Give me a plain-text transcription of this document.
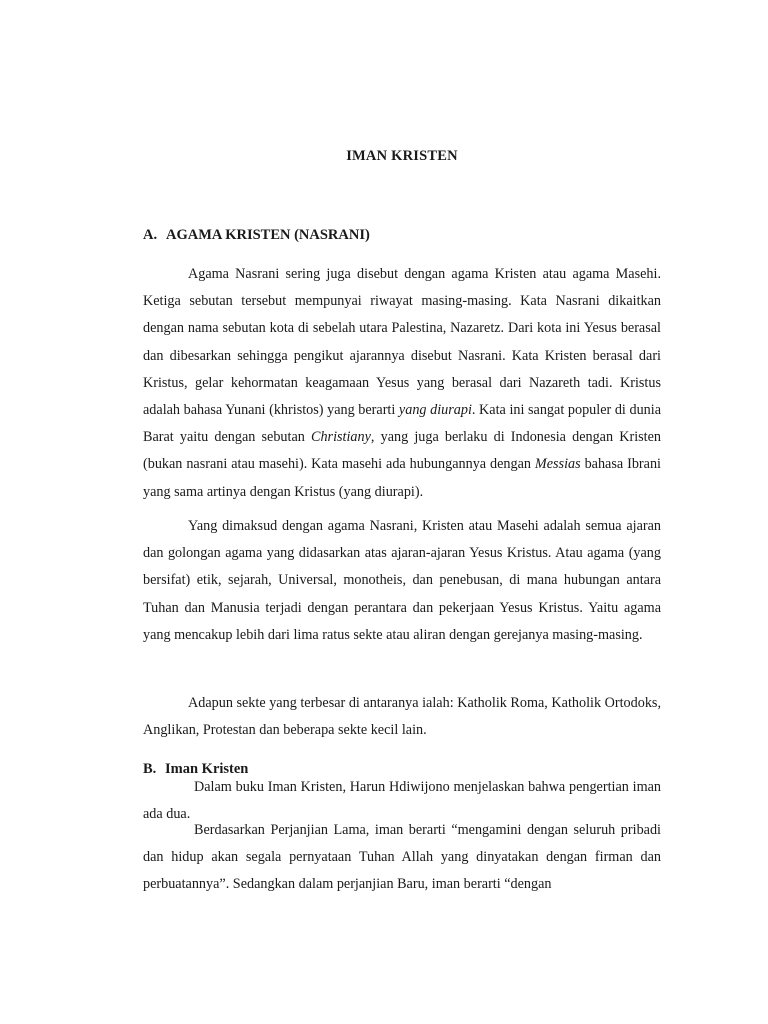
IMAN KRISTEN
A. AGAMA KRISTEN (NASRANI)

Agama Nasrani sering juga disebut dengan agama Kristen atau agama Masehi. Ketiga sebutan tersebut mempunyai riwayat masing-masing. Kata Nasrani dikaitkan dengan nama sebutan kota di sebelah utara Palestina, Nazaretz. Dari kota ini Yesus berasal dan dibesarkan sehingga pengikut ajarannya disebut Nasrani. Kata Kristen berasal dari Kristus, gelar kehormatan keagamaan Yesus yang berasal dari Nazareth tadi. Kristus adalah bahasa Yunani (khristos) yang berarti yang diurapi. Kata ini sangat populer di dunia Barat yaitu dengan sebutan Christiany, yang juga berlaku di Indonesia dengan Kristen (bukan nasrani atau masehi). Kata masehi ada hubungannya dengan Messias bahasa Ibrani yang sama artinya dengan Kristus (yang diurapi).

Yang dimaksud dengan agama Nasrani, Kristen atau Masehi adalah semua ajaran dan golongan agama yang didasarkan atas ajaran-ajaran Yesus Kristus. Atau agama (yang bersifat) etik, sejarah, Universal, monotheis, dan penebusan, di mana hubungan antara Tuhan dan Manusia terjadi dengan perantara dan pekerjaan Yesus Kristus. Yaitu agama yang mencakup lebih dari lima ratus sekte atau aliran dengan gerejanya masing-masing.

Adapun sekte yang terbesar di antaranya ialah: Katholik Roma, Katholik Ortodoks, Anglikan, Protestan dan beberapa sekte kecil lain.

B. Iman Kristen

Dalam buku Iman Kristen, Harun Hdiwijono menjelaskan bahwa pengertian iman ada dua.

Berdasarkan Perjanjian Lama, iman berarti “mengamini dengan seluruh pribadi dan hidup akan segala pernyataan Tuhan Allah yang dinyatakan dengan firman dan perbuatannya”. Sedangkan dalam perjanjian Baru, iman berarti “dengan
